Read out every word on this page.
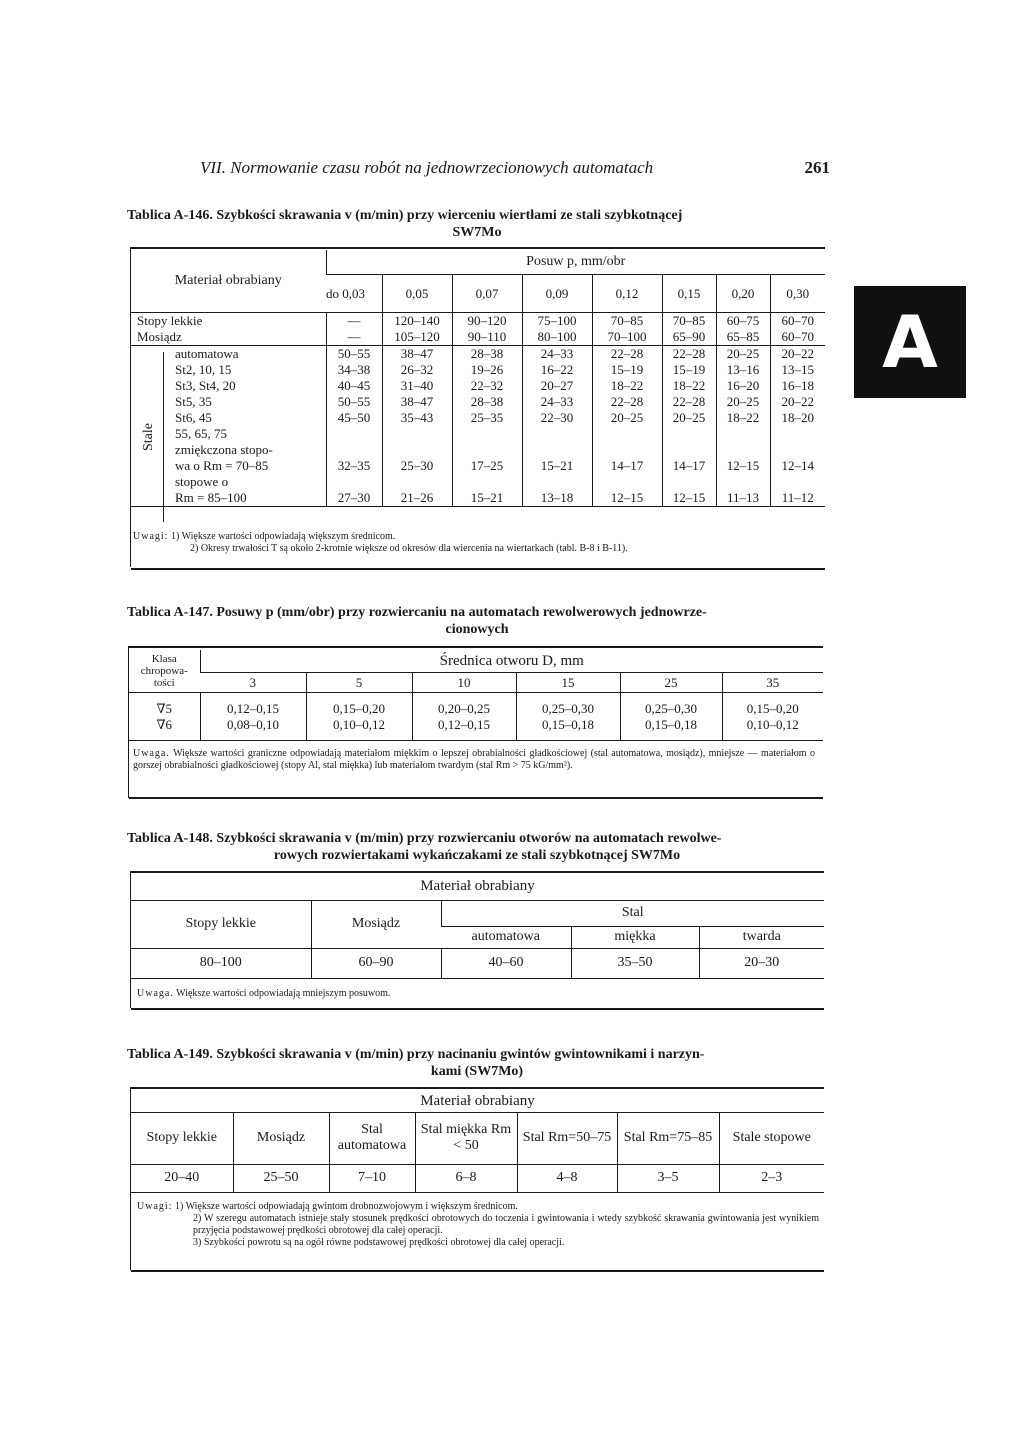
VII. Normowanie czasu robót na jednowrzecionowych automatach	261
A
Tablica A-146. Szybkości skrawania v (m/min) przy wierceniu wiertłami ze stali szybkotnącej
SW7Mo
Materiał obrabiany	Posuw p, mm/obr							
	do 0,03	0,05	0,07	0,09	0,12	0,15	0,20	0,30
Stopy lekkie	—	120–140	90–120	75–100	70–85	70–85	60–75	60–70
Mosiądz	—	105–120	90–110	80–100	70–100	65–90	65–85	60–70
automatowa	50–55	38–47	28–38	24–33	22–28	22–28	20–25	20–22
St2, 10, 15	34–38	26–32	19–26	16–22	15–19	15–19	13–16	13–15
St3, St4, 20	40–45	31–40	22–32	20–27	18–22	18–22	16–20	16–18
St5, 35	50–55	38–47	28–38	24–33	22–28	22–28	20–25	20–22
St6, 45	45–50	35–43	25–35	22–30	20–25	20–25	18–22	18–20
55, 65, 75								
zmiękczona stopo-								
wa o Rm = 70–85	32–35	25–30	17–25	15–21	14–17	14–17	12–15	12–14
stopowe o								
Rm = 85–100	27–30	21–26	15–21	13–18	12–15	12–15	11–13	11–12
Uwagi: 1) Większe wartości odpowiadają większym średnicom.
2) Okresy trwałości T są około 2-krotnie większe od okresów dla wiercenia na wiertarkach (tabl. B-8 i B-11).
Tablica A-147. Posuwy p (mm/obr) przy rozwiercaniu na automatach rewolwerowych jednowrze-
cionowych
Klasa
chropowa-
tości	Średnica otworu D, mm					
	3	5	10	15	25	35

∇5	0,12–0,15	0,15–0,20	0,20–0,25	0,25–0,30	0,25–0,30	0,15–0,20
∇6	0,08–0,10	0,10–0,12	0,12–0,15	0,15–0,18	0,15–0,18	0,10–0,12

Uwaga. Większe wartości graniczne odpowiadają materiałom miękkim o lepszej obrabialności gładkościowej (stal automatowa, mosiądz), mniejsze — materiałom o gorszej obrabialności gładkościowej (stopy Al, stal miękka) lub materiałom twardym (stal Rm > 75 kG/mm²).
Tablica A-148. Szybkości skrawania v (m/min) przy rozwiercaniu otworów na automatach rewolwe-
rowych rozwiertakami wykańczakami ze stali szybkotnącej SW7Mo
Materiał obrabiany				
Stopy lekkie	Mosiądz	Stal		
		automatowa	miękka	twarda
80–100	60–90	40–60	35–50	20–30
Uwaga. Większe wartości odpowiadają mniejszym posuwom.
Tablica A-149. Szybkości skrawania v (m/min) przy nacinaniu gwintów gwintownikami i narzyn-
kami (SW7Mo)
Materiał obrabiany						
Stopy lekkie	Mosiądz	Stal automatowa	Stal miękka Rm < 50	Stal Rm=50–75	Stal Rm=75–85	Stale stopowe
20–40	25–50	7–10	6–8	4–8	3–5	2–3
Uwagi: 1) Większe wartości odpowiadają gwintom drobnozwojowym i większym średnicom.
2) W szeregu automatach istnieje stały stosunek prędkości obrotowych do toczenia i gwintowania i wtedy szybkość skrawania gwintowania jest wynikiem przyjęcia podstawowej prędkości obrotowej dla całej operacji.
3) Szybkości powrotu są na ogół równe podstawowej prędkości obrotowej dla całej operacji.
Stale
